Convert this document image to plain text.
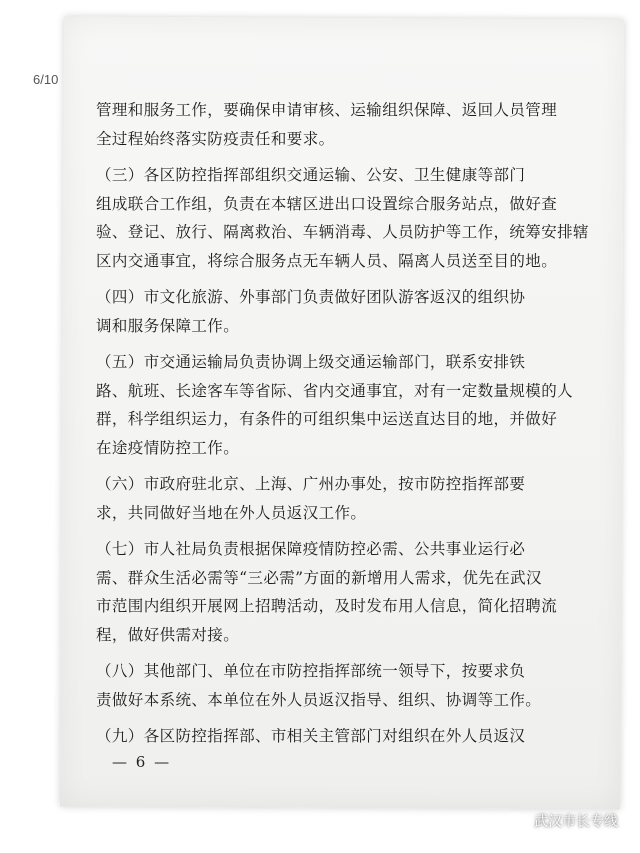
6/10
管理和服务工作，要确保申请审核、运输组织保障、返回人员管理
全过程始终落实防疫责任和要求。
（三）各区防控指挥部组织交通运输、公安、卫生健康等部门
组成联合工作组，负责在本辖区进出口设置综合服务站点，做好查
验、登记、放行、隔离救治、车辆消毒、人员防护等工作，统筹安排辖
区内交通事宜，将综合服务点无车辆人员、隔离人员送至目的地。
（四）市文化旅游、外事部门负责做好团队游客返汉的组织协
调和服务保障工作。
（五）市交通运输局负责协调上级交通运输部门，联系安排铁
路、航班、长途客车等省际、省内交通事宜，对有一定数量规模的人
群，科学组织运力，有条件的可组织集中运送直达目的地，并做好
在途疫情防控工作。
（六）市政府驻北京、上海、广州办事处，按市防控指挥部要
求，共同做好当地在外人员返汉工作。
（七）市人社局负责根据保障疫情防控必需、公共事业运行必
需、群众生活必需等“三必需”方面的新增用人需求，优先在武汉
市范围内组织开展网上招聘活动，及时发布用人信息，简化招聘流
程，做好供需对接。
（八）其他部门、单位在市防控指挥部统一领导下，按要求负
责做好本系统、本单位在外人员返汉指导、组织、协调等工作。
（九）各区防控指挥部、市相关主管部门对组织在外人员返汉
— 6 —
武汉市长专线
